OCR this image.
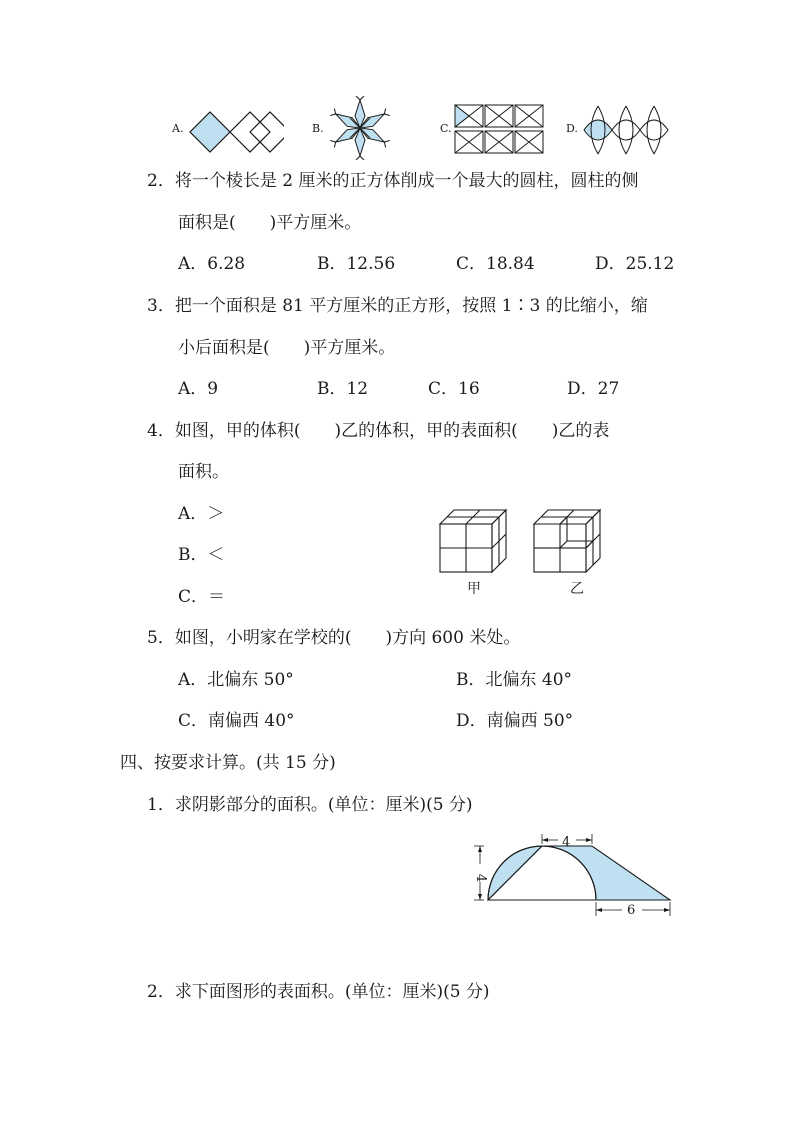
A.	B.	C.	D.
2．将一个棱长是 2 厘米的正方体削成一个最大的圆柱，圆柱的侧
面积是( )平方厘米。
A．6.28	B．12.56	C．18.84	D．25.12
3．把一个面积是 81 平方厘米的正方形，按照 1∶3 的比缩小，缩
小后面积是( )平方厘米。
A．9	B．12	C．16	D．27
4．如图，甲的体积( )乙的体积，甲的表面积( )乙的表
面积。
A．＞
B．＜
C．＝	甲	乙
5．如图，小明家在学校的( )方向 600 米处。
A．北偏东 50°	B．北偏东 40°
C．南偏西 40°	D．南偏西 50°
四、按要求计算。(共 15 分)
1．求阴影部分的面积。(单位：厘米)(5 分)
4
4
6
2．求下面图形的表面积。(单位：厘米)(5 分)
